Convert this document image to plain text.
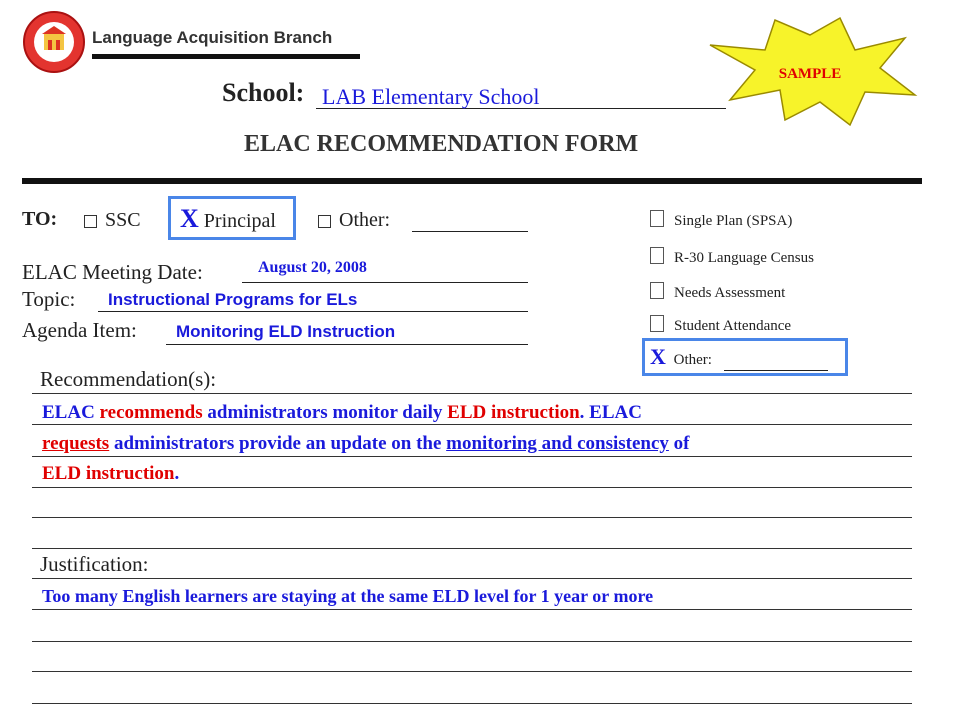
Language Acquisition Branch
SAMPLE
School: LAB Elementary School
ELAC RECOMMENDATION FORM
TO:	SSC X Principal	Other:
ELAC Meeting Date:	August 20, 2008
Topic: Instructional Programs for ELs
Agenda Item: Monitoring ELD Instruction
Single Plan (SPSA)
R-30 Language Census
Needs Assessment
Student Attendance
X Other:
Recommendation(s):
ELAC recommends administrators monitor daily ELD instruction. ELAC
requests administrators provide an update on the monitoring and consistency of
ELD instruction.
Justification:
Too many English learners are staying at the same ELD level for 1 year or more
